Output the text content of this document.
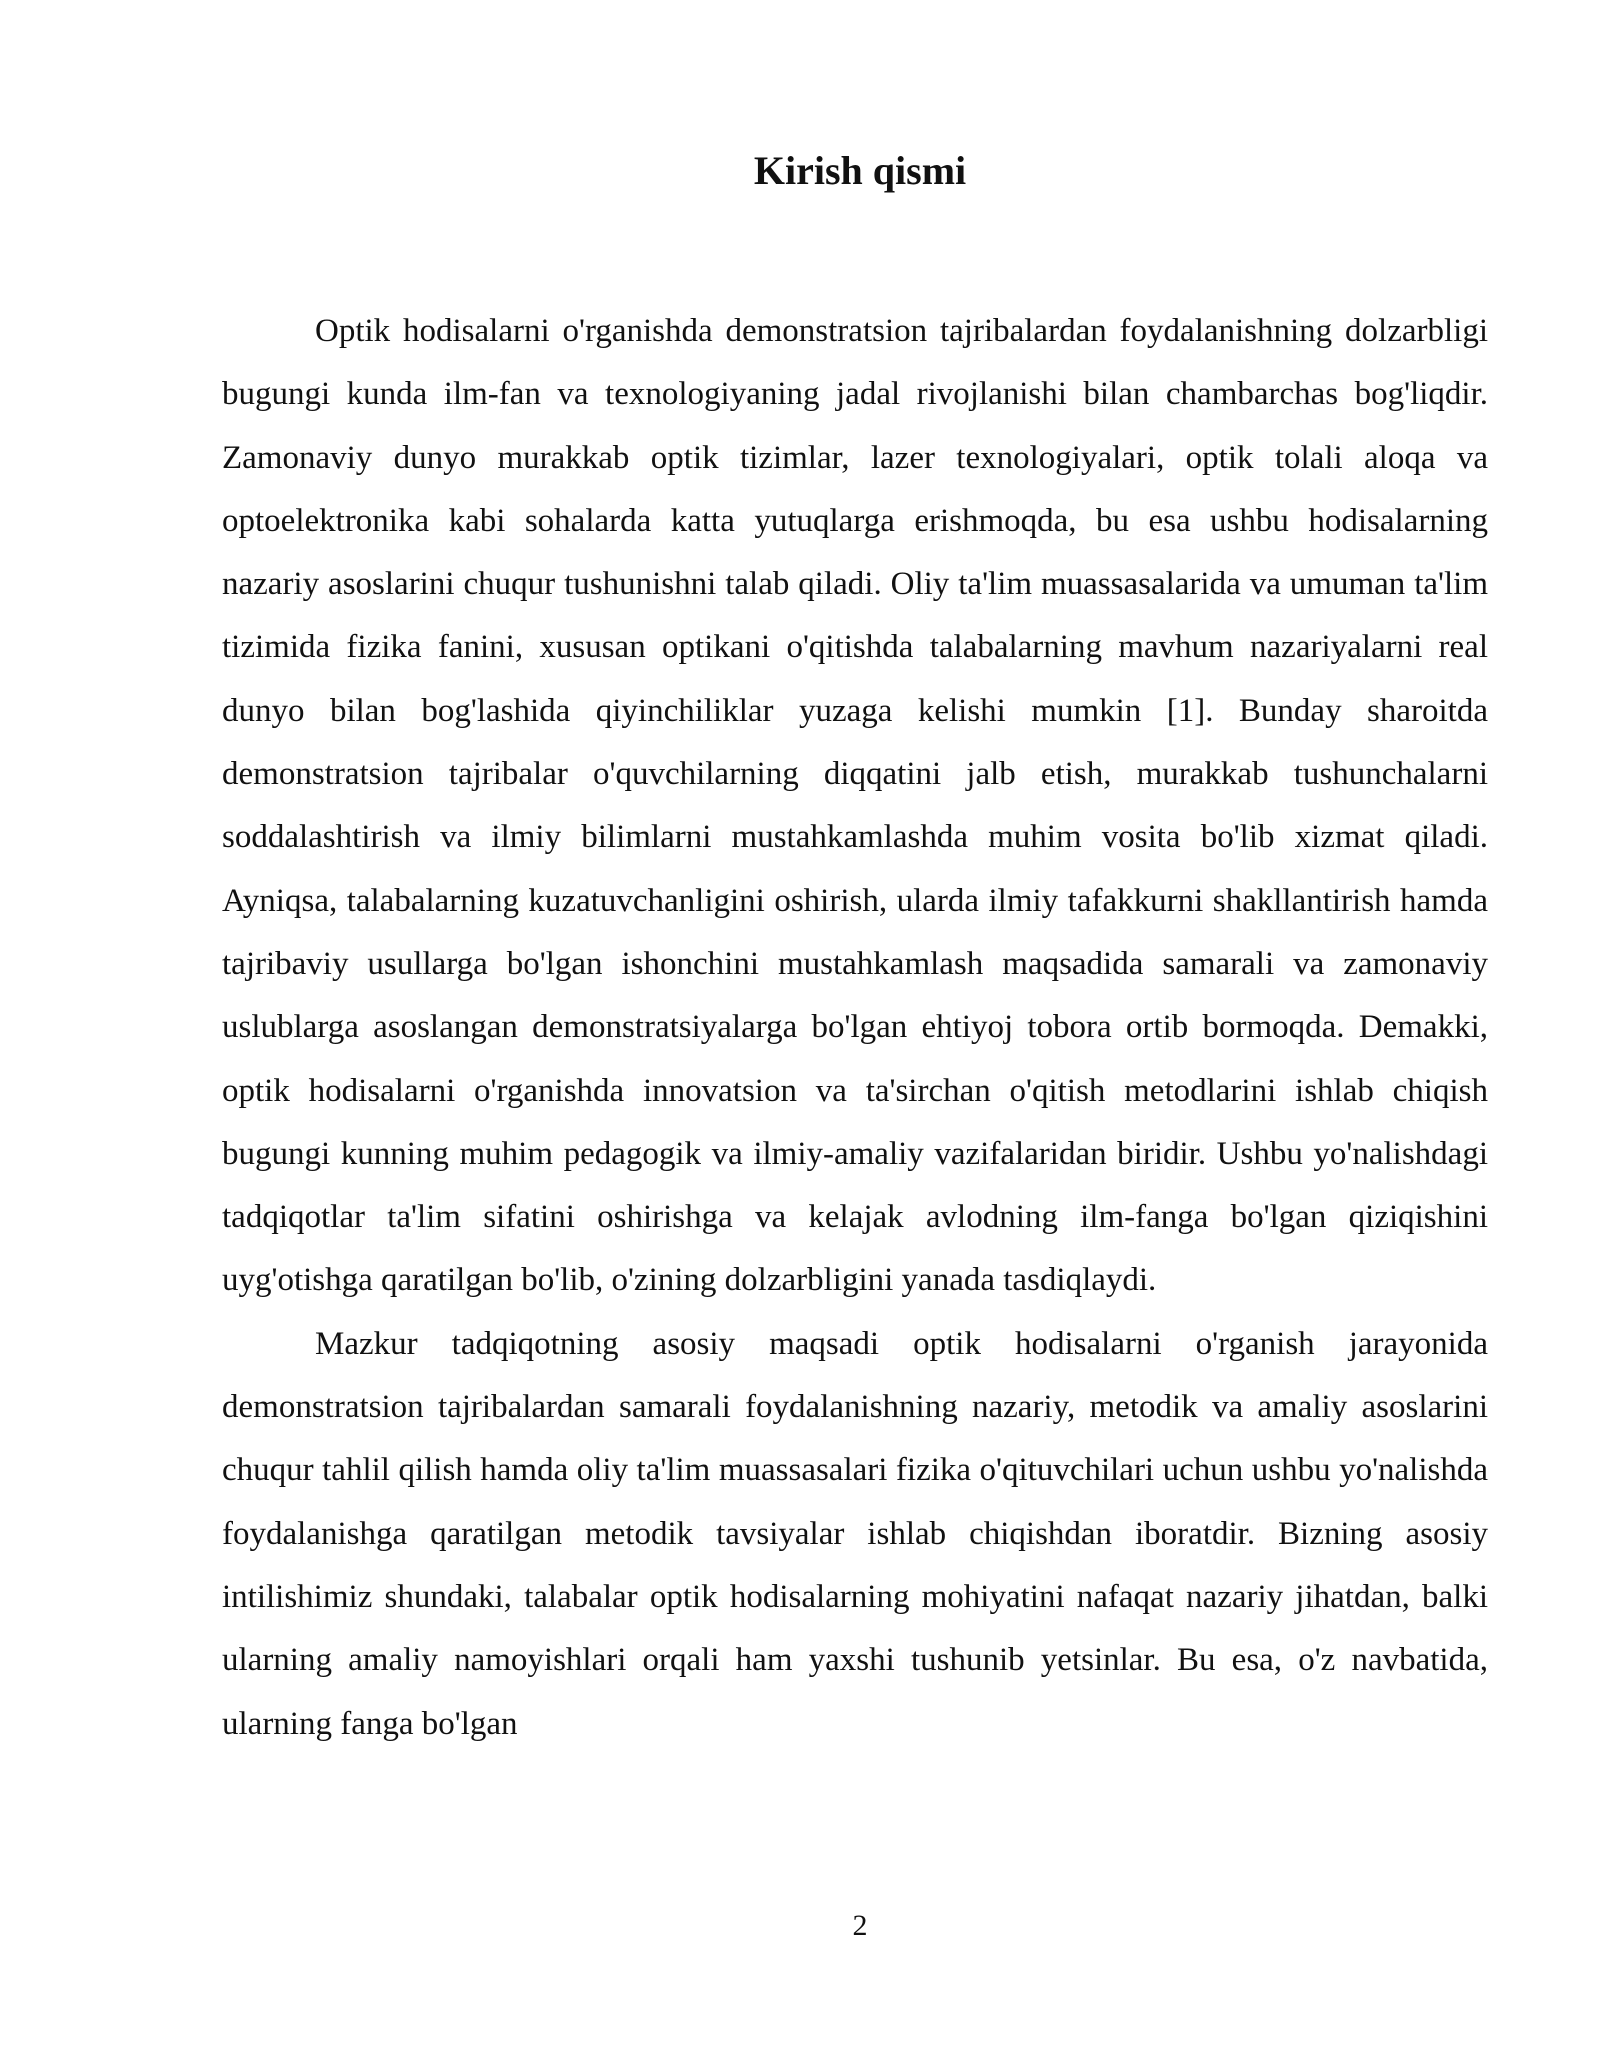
Kirish qismi

Optik hodisalarni o'rganishda demonstratsion tajribalardan foydalanishning dolzarbligi bugungi kunda ilm-fan va texnologiyaning jadal rivojlanishi bilan chambarchas bog'liqdir. Zamonaviy dunyo murakkab optik tizimlar, lazer texnologiyalari, optik tolali aloqa va optoelektronika kabi sohalarda katta yutuqlarga erishmoqda, bu esa ushbu hodisalarning nazariy asoslarini chuqur tushunishni talab qiladi. Oliy ta'lim muassasalarida va umuman ta'lim tizimida fizika fanini, xususan optikani o'qitishda talabalarning mavhum nazariyalarni real dunyo bilan bog'lashida qiyinchiliklar yuzaga kelishi mumkin [1]. Bunday sharoitda demonstratsion tajribalar o'quvchilarning diqqatini jalb etish, murakkab tushunchalarni soddalashtirish va ilmiy bilimlarni mustahkamlashda muhim vosita bo'lib xizmat qiladi. Ayniqsa, talabalarning kuzatuvchanligini oshirish, ularda ilmiy tafakkurni shakllantirish hamda tajribaviy usullarga bo'lgan ishonchini mustahkamlash maqsadida samarali va zamonaviy uslublarga asoslangan demonstratsiyalarga bo'lgan ehtiyoj tobora ortib bormoqda. Demakki, optik hodisalarni o'rganishda innovatsion va ta'sirchan o'qitish metodlarini ishlab chiqish bugungi kunning muhim pedagogik va ilmiy-amaliy vazifalaridan biridir. Ushbu yo'nalishdagi tadqiqotlar ta'lim sifatini oshirishga va kelajak avlodning ilm-fanga bo'lgan qiziqishini uyg'otishga qaratilgan bo'lib, o'zining dolzarbligini yanada tasdiqlaydi.

Mazkur tadqiqotning asosiy maqsadi optik hodisalarni o'rganish jarayonida demonstratsion tajribalardan samarali foydalanishning nazariy, metodik va amaliy asoslarini chuqur tahlil qilish hamda oliy ta'lim muassasalari fizika o'qituvchilari uchun ushbu yo'nalishda foydalanishga qaratilgan metodik tavsiyalar ishlab chiqishdan iboratdir. Bizning asosiy intilishimiz shundaki, talabalar optik hodisalarning mohiyatini nafaqat nazariy jihatdan, balki ularning amaliy namoyishlari orqali ham yaxshi tushunib yetsinlar. Bu esa, o'z navbatida, ularning fanga bo'lgan

2
